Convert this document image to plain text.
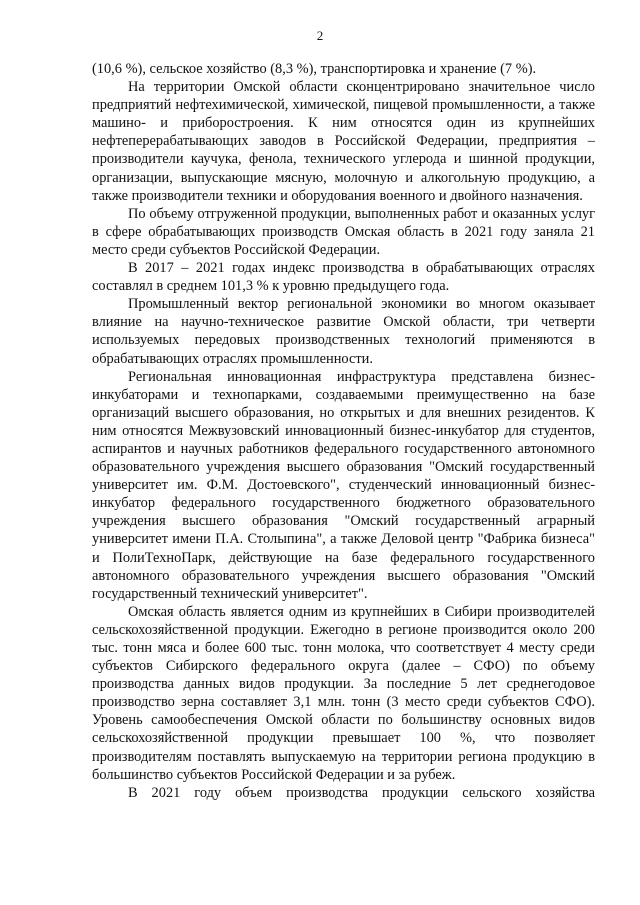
2

(10,6 %), сельское хозяйство (8,3 %), транспортировка и хранение (7 %).

На территории Омской области сконцентрировано значительное число предприятий нефтехимической, химической, пищевой промышленности, а также машино- и приборостроения. К ним относятся один из крупнейших нефтеперерабатывающих заводов в Российской Федерации, предприятия – производители каучука, фенола, технического углерода и шинной продукции, организации, выпускающие мясную, молочную и алкогольную продукцию, а также производители техники и оборудования военного и двойного назначения.

По объему отгруженной продукции, выполненных работ и оказанных услуг в сфере обрабатывающих производств Омская область в 2021 году заняла 21 место среди субъектов Российской Федерации.

В 2017 – 2021 годах индекс производства в обрабатывающих отраслях составлял в среднем 101,3 % к уровню предыдущего года.

Промышленный вектор региональной экономики во многом оказывает влияние на научно-техническое развитие Омской области, три четверти используемых передовых производственных технологий применяются в обрабатывающих отраслях промышленности.

Региональная инновационная инфраструктура представлена бизнес-инкубаторами и технопарками, создаваемыми преимущественно на базе организаций высшего образования, но открытых и для внешних резидентов. К ним относятся Межвузовский инновационный бизнес-инкубатор для студентов, аспирантов и научных работников федерального государственного автономного образовательного учреждения высшего образования "Омский государственный университет им. Ф.М. Достоевского", студенческий инновационный бизнес-инкубатор федерального государственного бюджетного образовательного учреждения высшего образования "Омский государственный аграрный университет имени П.А. Столыпина", а также Деловой центр "Фабрика бизнеса" и ПолиТехноПарк, действующие на базе федерального государственного автономного образовательного учреждения высшего образования "Омский государственный технический университет".

Омская область является одним из крупнейших в Сибири производителей сельскохозяйственной продукции. Ежегодно в регионе производится около 200 тыс. тонн мяса и более 600 тыс. тонн молока, что соответствует 4 месту среди субъектов Сибирского федерального округа (далее – СФО) по объему производства данных видов продукции. За последние 5 лет среднегодовое производство зерна составляет 3,1 млн. тонн (3 место среди субъектов СФО). Уровень самообеспечения Омской области по большинству основных видов сельскохозяйственной продукции превышает 100 %, что позволяет производителям поставлять выпускаемую на территории региона продукцию в большинство субъектов Российской Федерации и за рубеж.

В 2021 году объем производства продукции сельского хозяйства
